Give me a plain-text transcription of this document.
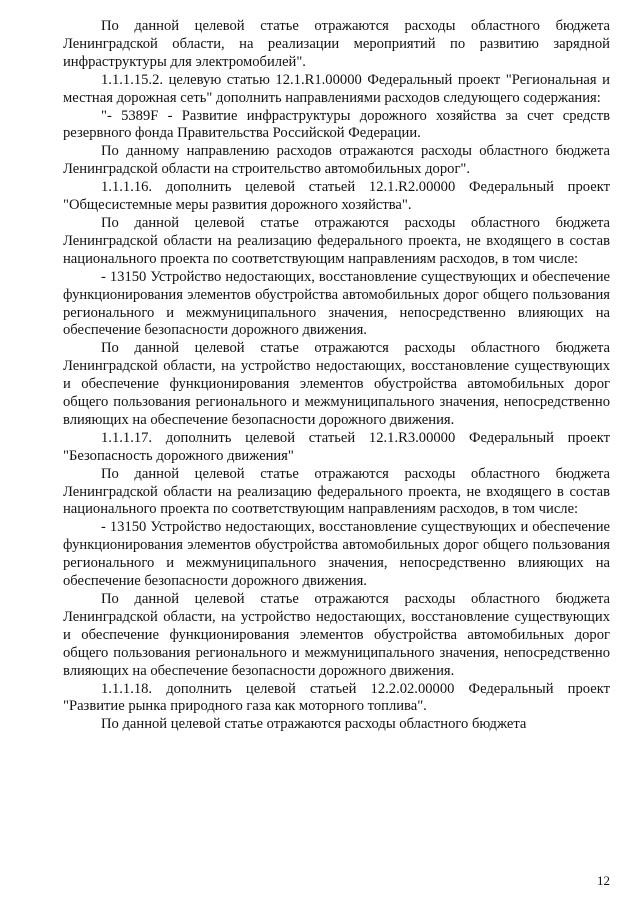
По данной целевой статье отражаются расходы областного бюджета Ленинградской области, на реализации мероприятий по развитию зарядной инфраструктуры для электромобилей".

1.1.1.15.2. целевую статью 12.1.R1.00000 Федеральный проект "Региональная и местная дорожная сеть" дополнить направлениями расходов следующего содержания:

"- 5389F - Развитие инфраструктуры дорожного хозяйства за счет средств резервного фонда Правительства Российской Федерации.

По данному направлению расходов отражаются расходы областного бюджета Ленинградской области на строительство автомобильных дорог".

1.1.1.16. дополнить целевой статьей 12.1.R2.00000 Федеральный проект "Общесистемные меры развития дорожного хозяйства".

По данной целевой статье отражаются расходы областного бюджета Ленинградской области на реализацию федерального проекта, не входящего в состав национального проекта по соответствующим направлениям расходов, в том числе:

- 13150 Устройство недостающих, восстановление существующих и обеспечение функционирования элементов обустройства автомобильных дорог общего пользования регионального и межмуниципального значения, непосредственно влияющих на обеспечение безопасности дорожного движения.

По данной целевой статье отражаются расходы областного бюджета Ленинградской области, на устройство недостающих, восстановление существующих и обеспечение функционирования элементов обустройства автомобильных дорог общего пользования регионального и межмуниципального значения, непосредственно влияющих на обеспечение безопасности дорожного движения.

1.1.1.17. дополнить целевой статьей 12.1.R3.00000 Федеральный проект "Безопасность дорожного движения"

По данной целевой статье отражаются расходы областного бюджета Ленинградской области на реализацию федерального проекта, не входящего в состав национального проекта по соответствующим направлениям расходов, в том числе:

- 13150 Устройство недостающих, восстановление существующих и обеспечение функционирования элементов обустройства автомобильных дорог общего пользования регионального и межмуниципального значения, непосредственно влияющих на обеспечение безопасности дорожного движения.

По данной целевой статье отражаются расходы областного бюджета Ленинградской области, на устройство недостающих, восстановление существующих и обеспечение функционирования элементов обустройства автомобильных дорог общего пользования регионального и межмуниципального значения, непосредственно влияющих на обеспечение безопасности дорожного движения.

1.1.1.18. дополнить целевой статьей 12.2.02.00000 Федеральный проект "Развитие рынка природного газа как моторного топлива".

По данной целевой статье отражаются расходы областного бюджета

12
